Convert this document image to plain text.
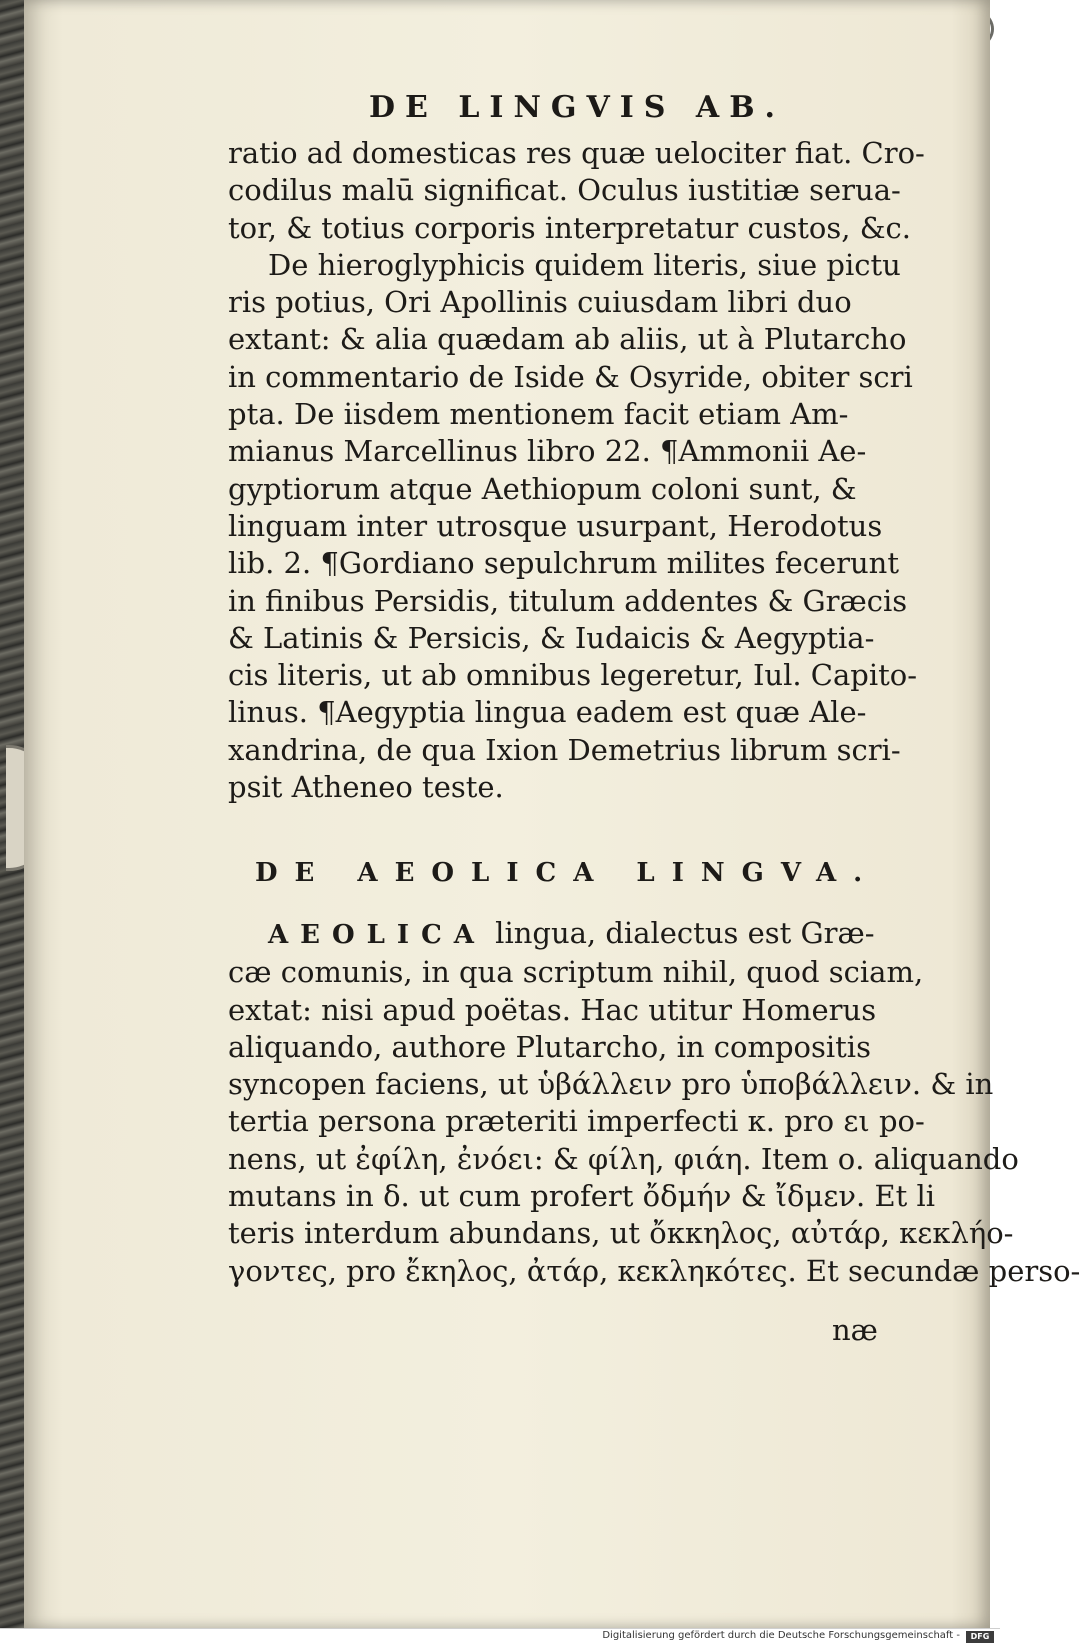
DE LINGVIS AB.
ratio ad domesticas res quæ uelociter fiat. Cro-
codilus malū significat. Oculus iustitiæ serua-
tor, & totius corporis interpretatur custos, &c.
De hieroglyphicis quidem literis, siue pictu
ris potius, Ori Apollinis cuiusdam libri duo
extant: & alia quædam ab aliis, ut à Plutarcho
in commentario de Iside & Osyride, obiter scri
pta. De iisdem mentionem facit etiam Am-
mianus Marcellinus libro 22. ¶Ammonii Ae-
gyptiorum atque Aethiopum coloni sunt, &
linguam inter utrosque usurpant, Herodotus
lib. 2. ¶Gordiano sepulchrum milites fecerunt
in finibus Persidis, titulum addentes & Græcis
& Latinis & Persicis, & Iudaicis & Aegyptia-
cis literis, ut ab omnibus legeretur, Iul. Capito-
linus. ¶Aegyptia lingua eadem est quæ Ale-
xandrina, de qua Ixion Demetrius librum scri-
psit Atheneo teste.
DE AEOLICA LINGVA.
AEOLICA lingua, dialectus est Græ-
cæ comunis, in qua scriptum nihil, quod sciam,
extat: nisi apud poëtas. Hac utitur Homerus
aliquando, authore Plutarcho, in compositis
syncopen faciens, ut ὑβάλλειν pro ὑποβάλλειν. & in
tertia persona præteriti imperfecti κ. pro ει po-
nens, ut ἐφίλη, ἐνόει: & φίλη, φιάη. Item ο. aliquando
mutans in δ. ut cum profert ὄδμήν & ἴδμεν. Et li
teris interdum abundans, ut ὄκκηλος, αὐτάρ, κεκλήο-
γοντες, pro ἔκηλος, ἀτάρ, κεκληκότες. Et secundæ perso-
næ
Digitalisierung gefördert durch die Deutsche Forschungsgemeinschaft -	DFG
